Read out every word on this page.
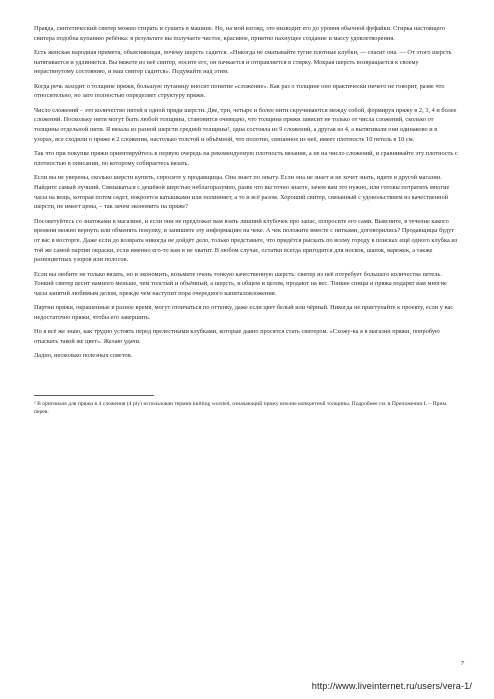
Правда, синтетический свитер можно стирать и сушить в машине. Но, на мой взгляд, это низводит его до уровня обычной фуфайки. Стирка настоящего свитера подобна купанию ребёнка: в результате вы получаете чистое, красивое, приятно пахнущее создание и массу удовлетворения.

Есть женская народная примета, объясняющая, почему шерсть садится. «Никогда не сматывайте тугие плотные клубки, — гласит она. — От этого шерсть натягивается и удлиняется. Вы вяжете из неё свитер, носите его, он пачкается и отправляется в стирку. Мокрая шерсть возвращается к своему нерастянутому состоянию, и ваш свитер садится». Подумайте над этим.

Когда речь заходит о толщине пряжи, большую путаницу вносит понятие «сложение». Как раз о толщине оно практически ничего не говорит, разве что относительно, но зато полностью определяет структуру пряжи.

Число сложений – это количество нитей в одной пряди шерсти. Две, три, четыре и более нити скручиваются между собой, формируя пряжу в 2, 3, 4 и более сложений. Поскольку нити могут быть любой толщины, становится очевидно, что толщина пряжи зависит не только от числа сложений, сколько от толщины отдельной нити. Я вязала из разной шерсти средней толщины², одна состояла из 9 сложений, а другая из 4, а вытягивали они одинаково и в узорах, все сходили о пряже в 2 сложения, настолько толстой и объёмной, что полотно, связанное из неё, имеет плотность 10 петель в 10 см.

Так что при покупке пряжи ориентируйтесь в первую очередь на рекомендуемую плотность вязания, а не на число сложений, и сравнивайте эту плотность с плотностью в описании, по которому собираетесь вязать.

Если вы не уверены, сколько шерсти купить, спросите у продавщицы. Она знает по опыту. Если она не знает и не хочет знать, идите в другой магазин. Найдите самый лучший. Связываться с дешёвой шерстью неблагоразумно, разве что вы точно знаете, зачем вам это нужно, или готовы потратить многие часы на вещь, которая потом сядет, покроется катышками или полинняет, а то и всё разом. Хороший свитер, связанный с удовольствием из качественной шерсти, не имеет цены, – так зачем экономить на пряже?

Посоветуйтесь со знатоками в магазине, и если они не предложат вам взять лишний клубочек про запас, попросите его сами. Выясните, в течение какого времени можно вернуть или обменять покупку, и запишите эту информацию на чеке. А чек положите вместе с нитками, договорились? Продавщицы будут от вас в восторге. Даже если до возврата никогда не дойдёт дело, только представьте, что придётся рыскать по всему городу в поисках ещё одного клубка из той же самой партии окраски, если именно его-то вам и не хватит. В любом случае, остатки всегда пригодятся для носков, шапок, варежек, а также разноцветных узоров или полосок.

Если вы любите не только вязать, но и экономить, возьмите очень тонкую качественную шерсть: свитер из неё потребует большего количества петель. Тонкий свитер весит намного меньше, чем толстый и объёмный, а шерсть, в общем и целом, продают на вес. Тонкие спицы и пряжа подарят вам многие часы занятий любимым делом, прежде чем наступит пора очередного капиталовложения.

Партии пряжи, окрашенные в разное время, могут отличаться по оттенку, даже если цвет белый или чёрный. Никогда не приступайте к проекту, если у вас недостаточно пряжи, чтобы его завершить.

Но я всё же знаю, как трудно устоять перед прелестными клубками, которые давно просятся стать свитером. «Схожу-ка я в магазин пряжи, попробую отыскать такой же цвет». Желаю удачи.

Ладно, несколько полезных советов.

² В оригинале для пряжи в 4 сложения (4 ply) использован термин knitting worsted, означающий пряжу вполне конкретной толщины. Подробнее см. в Приложении I. – Прим. перев.

7
http://www.liveinternet.ru/users/vera-1/
